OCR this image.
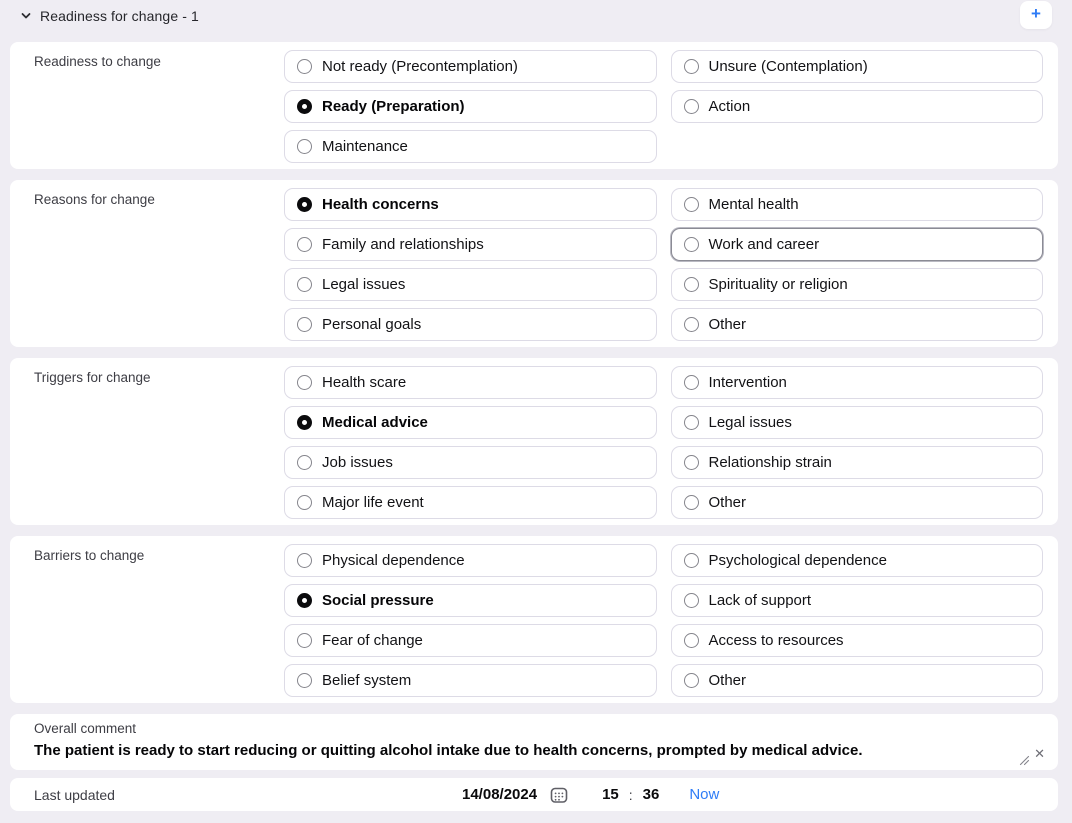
Readiness for change - 1	+
Readiness to change	Not ready (Precontemplation)	Unsure (Contemplation)
Ready (Preparation)	Action
Maintenance
Reasons for change	Health concerns	Mental health
Family and relationships	Work and career
Legal issues	Spirituality or religion
Personal goals	Other
Triggers for change	Health scare	Intervention
Medical advice	Legal issues
Job issues	Relationship strain
Major life event	Other
Barriers to change	Physical dependence	Psychological dependence
Social pressure	Lack of support
Fear of change	Access to resources
Belief system	Other
Overall comment
The patient is ready to start reducing or quitting alcohol intake due to health concerns, prompted by medical advice.	✕
Last updated	14/08/2024	15 : 36 Now
